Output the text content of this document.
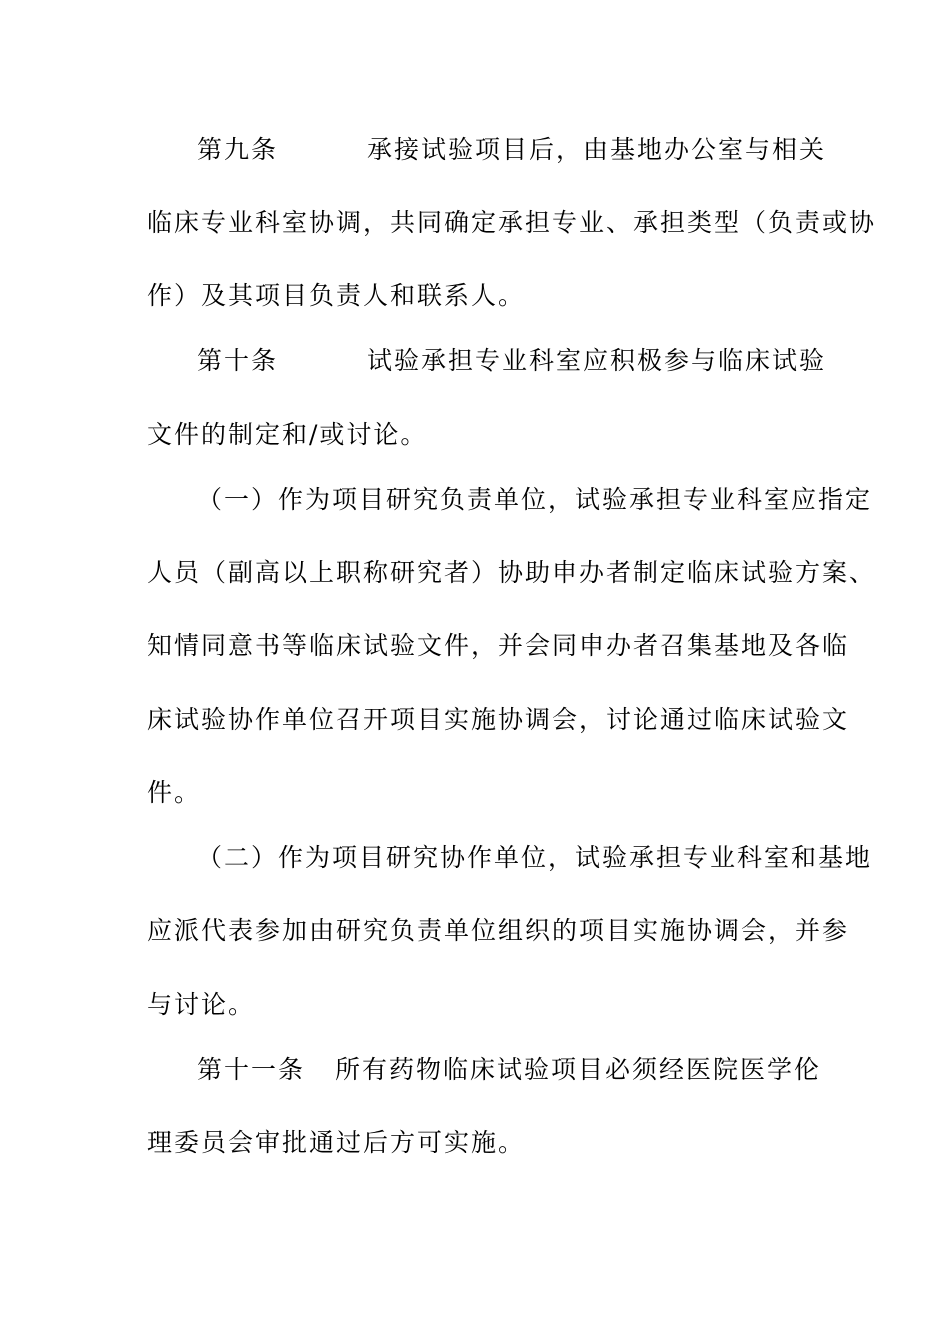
第九条	承接试验项目后，由基地办公室与相关
临床专业科室协调，共同确定承担专业、承担类型（负责或协
作）及其项目负责人和联系人。
第十条	试验承担专业科室应积极参与临床试验
文件的制定和/或讨论。
（一）作为项目研究负责单位，试验承担专业科室应指定
人员（副高以上职称研究者）协助申办者制定临床试验方案、
知情同意书等临床试验文件，并会同申办者召集基地及各临
床试验协作单位召开项目实施协调会，讨论通过临床试验文
件。
（二）作为项目研究协作单位，试验承担专业科室和基地
应派代表参加由研究负责单位组织的项目实施协调会，并参
与讨论。
第十一条 所有药物临床试验项目必须经医院医学伦
理委员会审批通过后方可实施。
